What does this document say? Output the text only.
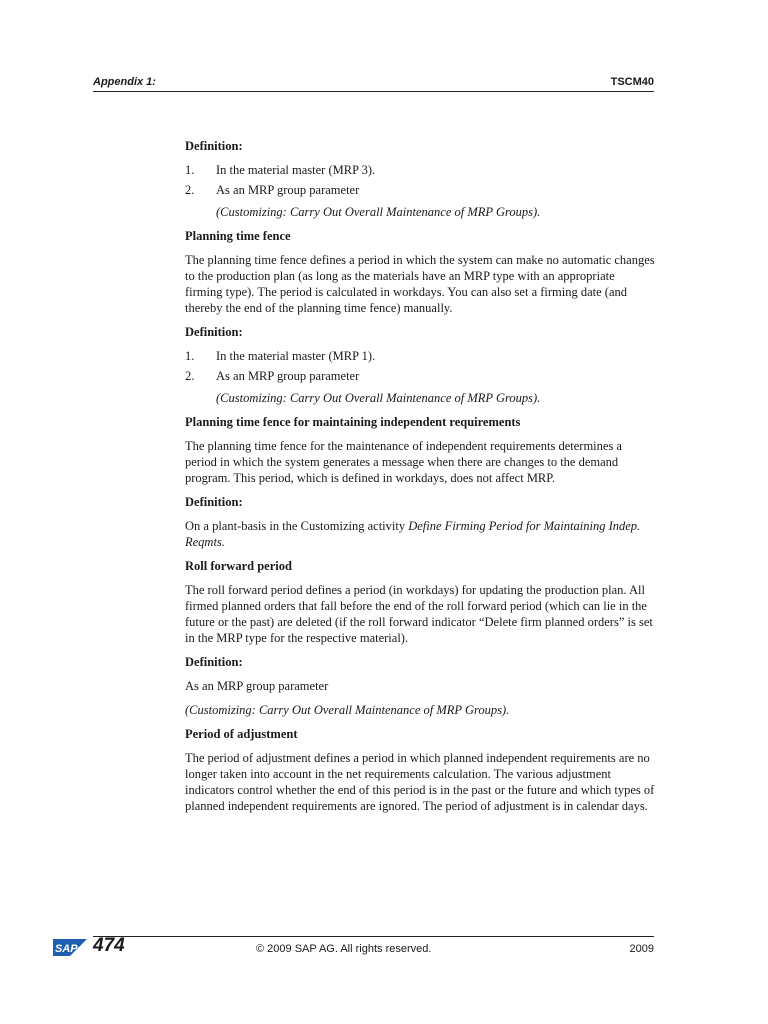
Appendix 1:	TSCM40
Definition:
1.	In the material master (MRP 3).
2.	As an MRP group parameter
(Customizing: Carry Out Overall Maintenance of MRP Groups).
Planning time fence
The planning time fence defines a period in which the system can make no automatic changes to the production plan (as long as the materials have an MRP type with an appropriate firming type). The period is calculated in workdays. You can also set a firming date (and thereby the end of the planning time fence) manually.
Definition:
1.	In the material master (MRP 1).
2.	As an MRP group parameter
(Customizing: Carry Out Overall Maintenance of MRP Groups).
Planning time fence for maintaining independent requirements
The planning time fence for the maintenance of independent requirements determines a period in which the system generates a message when there are changes to the demand program. This period, which is defined in workdays, does not affect MRP.
Definition:
On a plant-basis in the Customizing activity Define Firming Period for Maintaining Indep. Reqmts.
Roll forward period
The roll forward period defines a period (in workdays) for updating the production plan. All firmed planned orders that fall before the end of the roll forward period (which can lie in the future or the past) are deleted (if the roll forward indicator “Delete firm planned orders” is set in the MRP type for the respective material).
Definition:
As an MRP group parameter
(Customizing: Carry Out Overall Maintenance of MRP Groups).
Period of adjustment
The period of adjustment defines a period in which planned independent requirements are no longer taken into account in the net requirements calculation. The various adjustment indicators control whether the end of this period is in the past or the future and which types of planned independent requirements are ignored. The period of adjustment is in calendar days.
SAP 474	© 2009 SAP AG. All rights reserved.	2009
